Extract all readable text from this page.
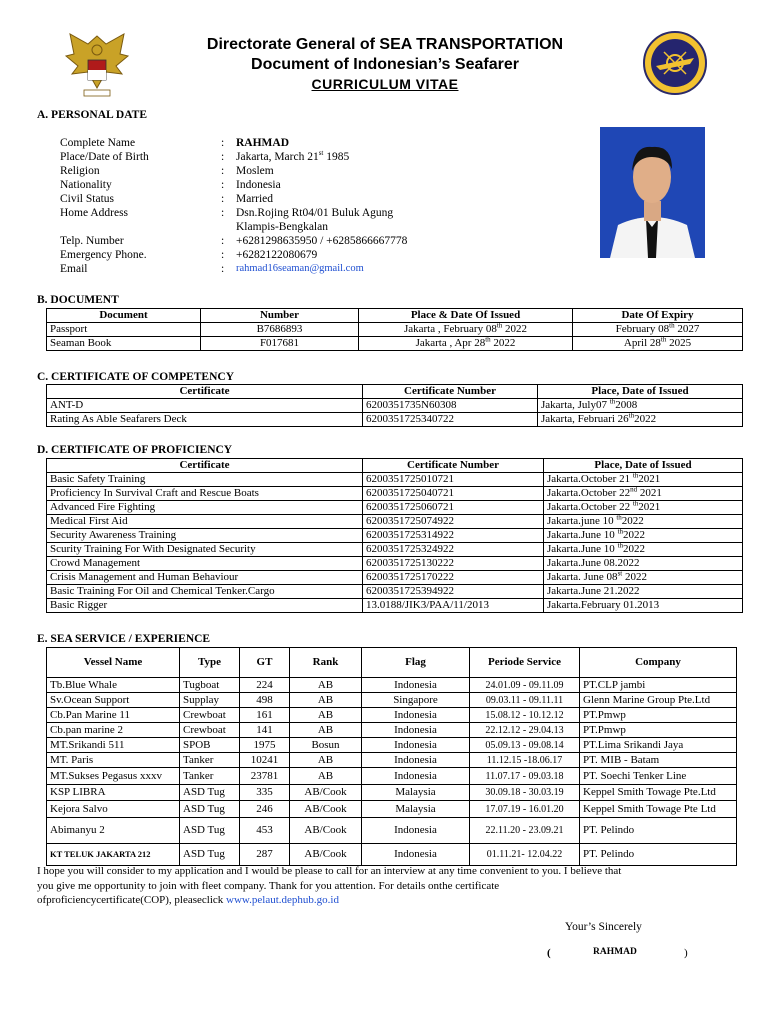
Directorate General of SEA TRANSPORTATION
Document of Indonesian’s Seafarer
CURRICULUM VITAE
A. PERSONAL DATE
Complete Name	: RAHMAD
Place/Date of Birth	: Jakarta, March 21st 1985
Religion	: Moslem
Nationality	: Indonesia
Civil Status	: Married
Home Address	: Dsn.Rojing Rt04/01 Buluk Agung
Klampis-Bengkalan
Telp. Number	: +6281298635950 / +6285866667778
Emergency Phone.	: +6282122080679
Email	: rahmad16seaman@gmail.com
B. DOCUMENT
Document	Number	Place & Date Of Issued	Date Of Expiry
Passport	B7686893	Jakarta , February 08th 2022	February 08th 2027
Seaman Book	F017681	Jakarta , Apr 28th 2022	April 28th 2025
C. CERTIFICATE OF COMPETENCY
Certificate	Certificate Number	Place, Date of Issued
ANT-D	6200351735N60308	Jakarta, July07 $^{th}$2008
Rating As Able Seafarers Deck	6200351725340722	Jakarta, Februari 26th2022
D. CERTIFICATE OF PROFICIENCY
Certificate	Certificate Number	Place, Date of Issued
Basic Safety Training	6200351725010721	Jakarta.October 21 $^{th}$2021
Proficiency In Survival Craft and Rescue Boats	6200351725040721	Jakarta.October 22nd 2021
Advanced Fire Fighting	6200351725060721	Jakarta.October 22 $^{th}$2021
Medical First Aid	6200351725074922	Jakarta.june 10 $^{th}$2022
Security Awareness Training	6200351725314922	Jakarta.June 10 $^{th}$2022
Scurity Training For With Designated Security	6200351725324922	Jakarta.June 10 $^{th}$2022
Crowd Management	6200351725130222	Jakarta.June 08.2022
Crisis Management and Human Behaviour	6200351725170222	Jakarta. June 08st 2022
Basic Training For Oil and Chemical Tenker.Cargo	6200351725394922	Jakarta.June 21.2022
Basic Rigger	13.0188/JIK3/PAA/11/2013	Jakarta.February 01.2013
E. SEA SERVICE / EXPERIENCE
Vessel Name	Type	GT	Rank	Flag	Periode Service	Company
Tb.Blue Whale	Tugboat	224	AB	Indonesia	24.01.09 - 09.11.09	PT.CLP jambi
Sv.Ocean Support	Supplay	498	AB	Singapore	09.03.11 - 09.11.11	Glenn Marine Group Pte.Ltd
Cb.Pan Marine 11	Crewboat	161	AB	Indonesia	15.08.12 - 10.12.12	PT.Pmwp
Cb.pan marine 2	Crewboat	141	AB	Indonesia	22.12.12 - 29.04.13	PT.Pmwp
MT.Srikandi 511	SPOB	1975	Bosun	Indonesia	05.09.13 - 09.08.14	PT.Lima Srikandi Jaya
MT. Paris	Tanker	10241	AB	Indonesia	11.12.15 -18.06.17	PT. MIB - Batam
MT.Sukses Pegasus xxxv	Tanker	23781	AB	Indonesia	11.07.17 - 09.03.18	PT. Soechi Tenker Line
KSP LIBRA	ASD Tug	335	AB/Cook	Malaysia	30.09.18 - 30.03.19	Keppel Smith Towage Pte.Ltd
Kejora Salvo	ASD Tug	246	AB/Cook	Malaysia	17.07.19 - 16.01.20	Keppel Smith Towage Pte Ltd
Abimanyu 2	ASD Tug	453	AB/Cook	Indonesia	22.11.20 - 23.09.21	PT. Pelindo
KT TELUK JAKARTA 212	ASD Tug	287	AB/Cook	Indonesia	01.11.21- 12.04.22	PT. Pelindo
I hope you will consider to my application and I would be please to call for an interview at any time convenient to you. I believe that
you give me opportunity to join with fleet company. Thank for you attention. For details onthe certificate
ofproficiencycertificate(COP), pleaseclick www.pelaut.dephub.go.id
Your’s Sincerely
(	RAHMAD	)
